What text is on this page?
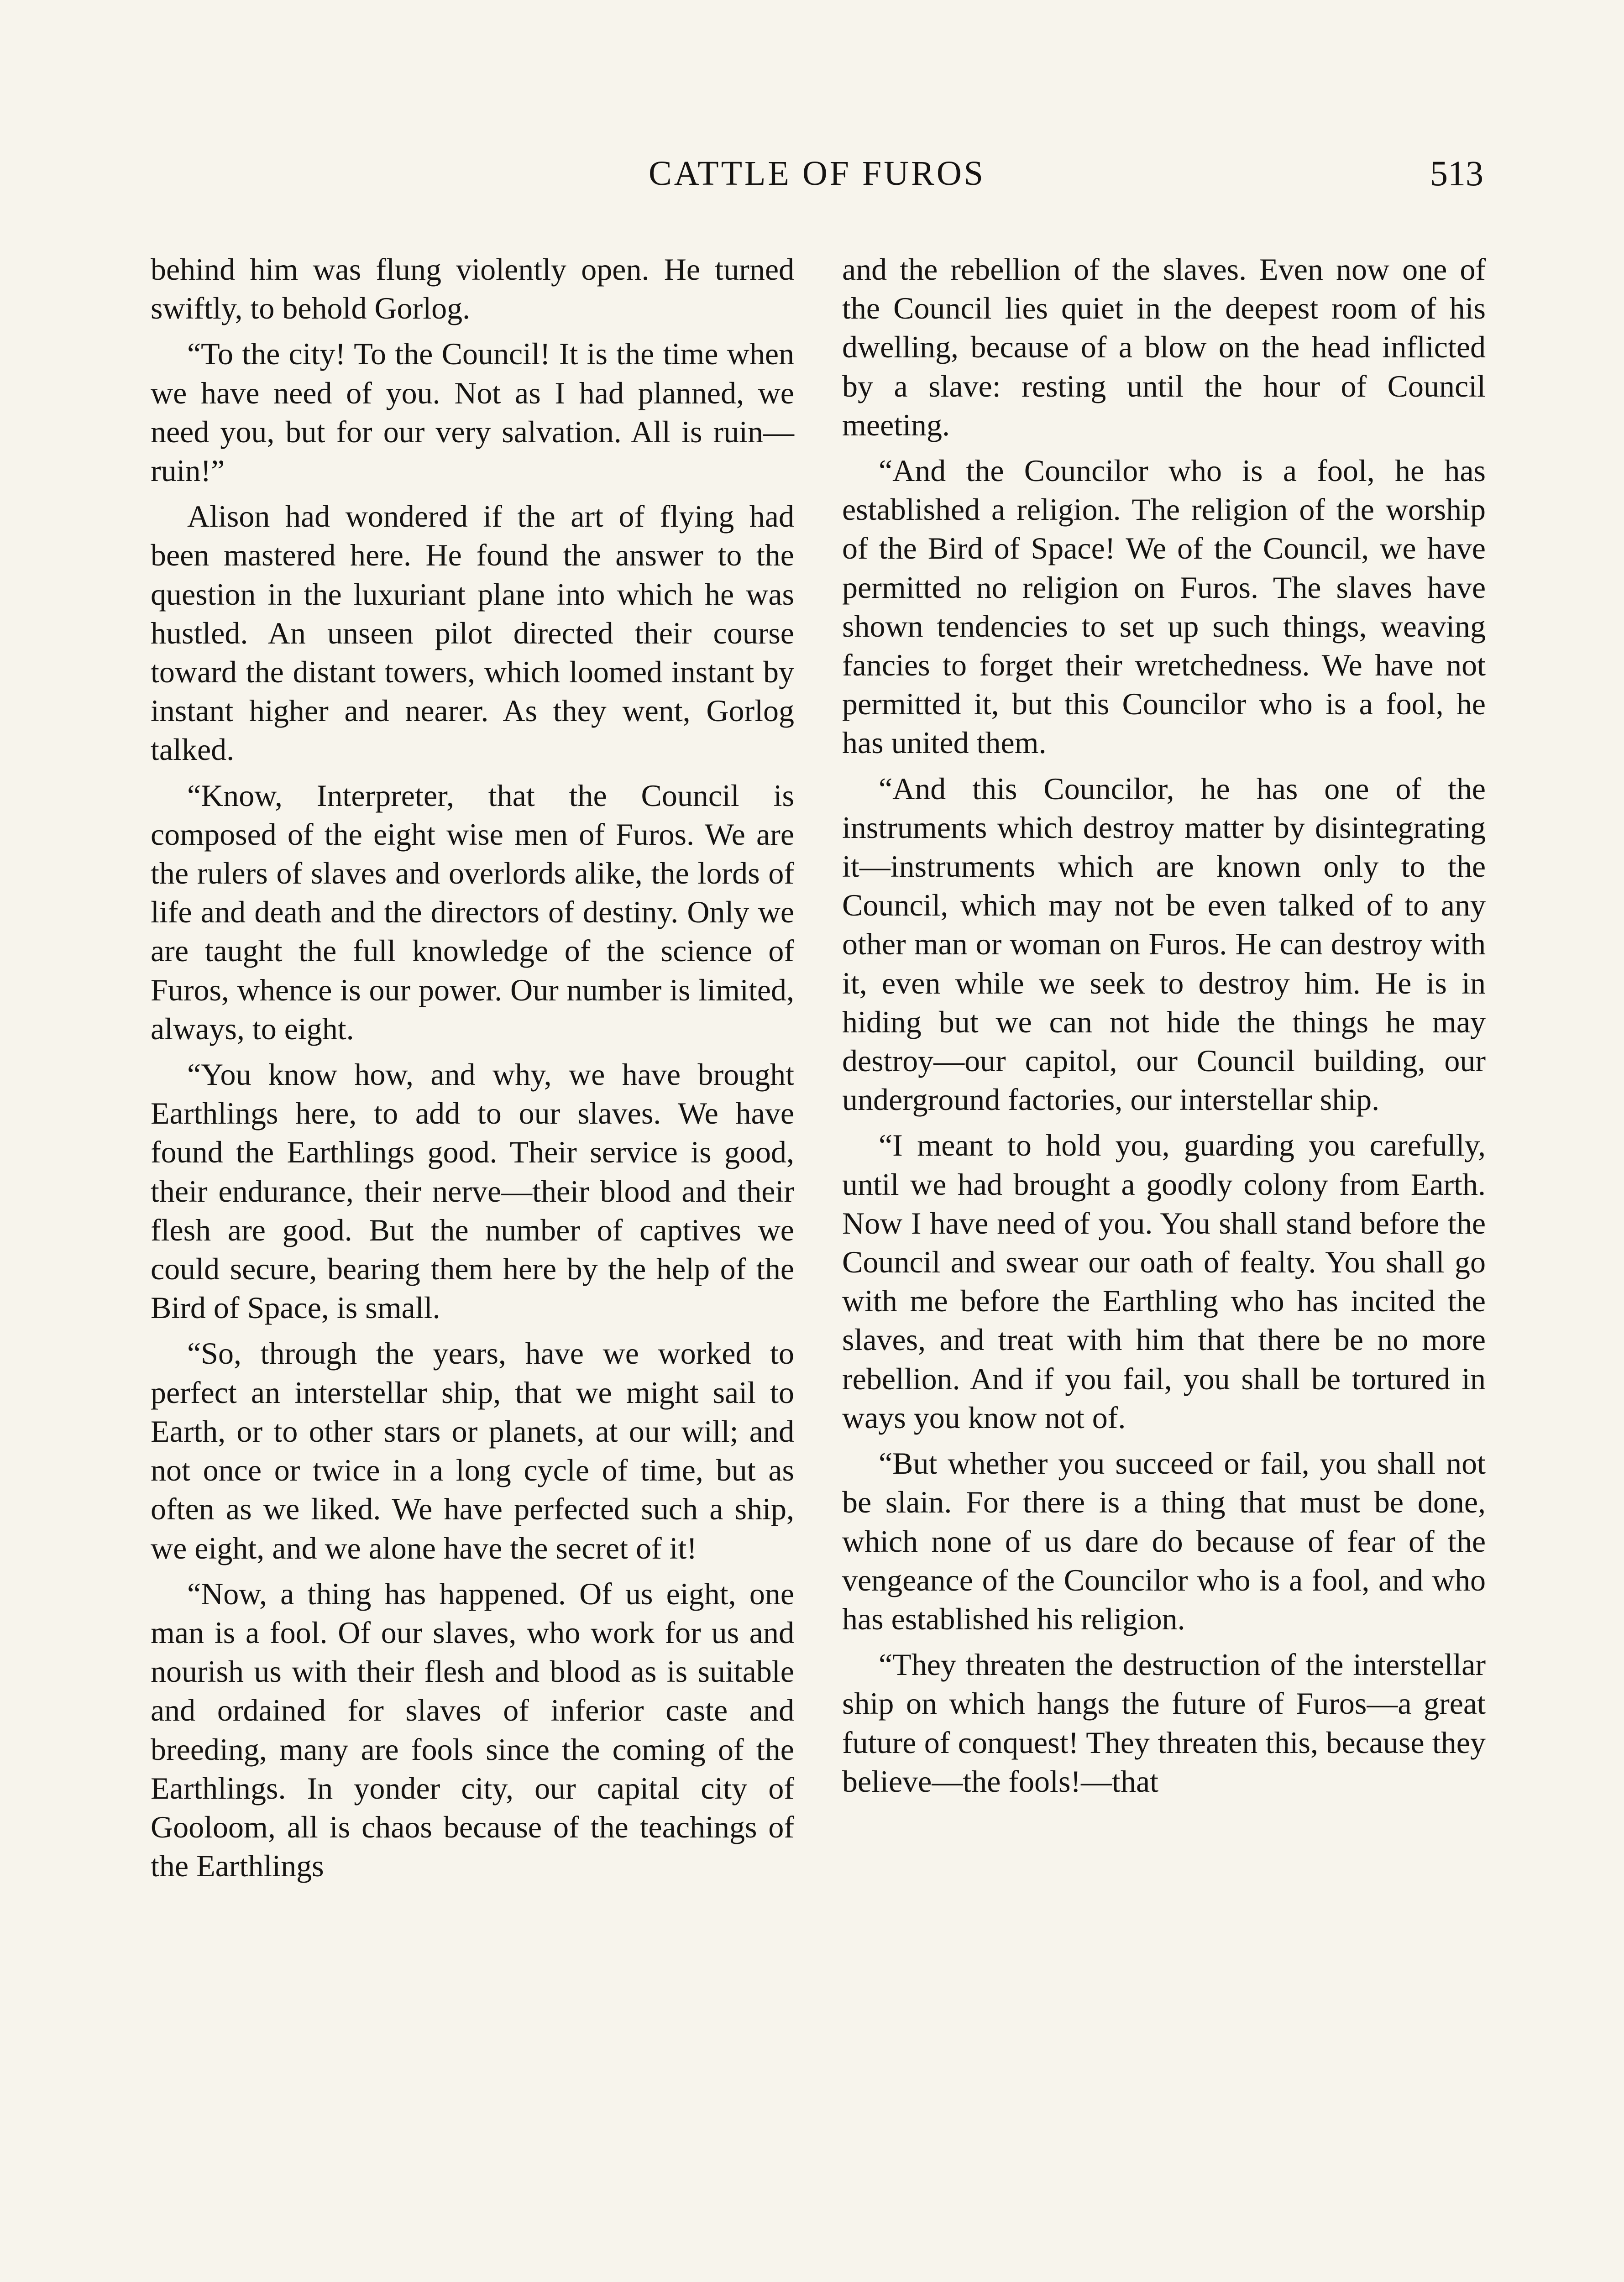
CATTLE OF FUROS	513

behind him was flung violently open. He turned swiftly, to behold Gorlog.

“To the city! To the Council! It is the time when we have need of you. Not as I had planned, we need you, but for our very salvation. All is ruin—ruin!”

Alison had wondered if the art of flying had been mastered here. He found the answer to the question in the luxuriant plane into which he was hustled. An unseen pilot directed their course toward the distant towers, which loomed instant by instant higher and nearer. As they went, Gorlog talked.

“Know, Interpreter, that the Council is composed of the eight wise men of Furos. We are the rulers of slaves and overlords alike, the lords of life and death and the directors of destiny. Only we are taught the full knowledge of the science of Furos, whence is our power. Our number is limited, always, to eight.

“You know how, and why, we have brought Earthlings here, to add to our slaves. We have found the Earthlings good. Their service is good, their endurance, their nerve—their blood and their flesh are good. But the number of captives we could secure, bearing them here by the help of the Bird of Space, is small.

“So, through the years, have we worked to perfect an interstellar ship, that we might sail to Earth, or to other stars or planets, at our will; and not once or twice in a long cycle of time, but as often as we liked. We have perfected such a ship, we eight, and we alone have the secret of it!

“Now, a thing has happened. Of us eight, one man is a fool. Of our slaves, who work for us and nourish us with their flesh and blood as is suitable and ordained for slaves of inferior caste and breeding, many are fools since the coming of the Earthlings. In yonder city, our capital city of Gooloom, all is chaos because of the teachings of the Earthlings

and the rebellion of the slaves. Even now one of the Council lies quiet in the deepest room of his dwelling, because of a blow on the head inflicted by a slave: resting until the hour of Council meeting.

“And the Councilor who is a fool, he has established a religion. The religion of the worship of the Bird of Space! We of the Council, we have permitted no religion on Furos. The slaves have shown tendencies to set up such things, weaving fancies to forget their wretchedness. We have not permitted it, but this Councilor who is a fool, he has united them.

“And this Councilor, he has one of the instruments which destroy matter by disintegrating it—instruments which are known only to the Council, which may not be even talked of to any other man or woman on Furos. He can destroy with it, even while we seek to destroy him. He is in hiding but we can not hide the things he may destroy—our capitol, our Council building, our underground factories, our interstellar ship.

“I meant to hold you, guarding you carefully, until we had brought a goodly colony from Earth. Now I have need of you. You shall stand before the Council and swear our oath of fealty. You shall go with me before the Earthling who has incited the slaves, and treat with him that there be no more rebellion. And if you fail, you shall be tortured in ways you know not of.

“But whether you succeed or fail, you shall not be slain. For there is a thing that must be done, which none of us dare do because of fear of the vengeance of the Councilor who is a fool, and who has established his religion.

“They threaten the destruction of the interstellar ship on which hangs the future of Furos—a great future of conquest! They threaten this, because they believe—the fools!—that
